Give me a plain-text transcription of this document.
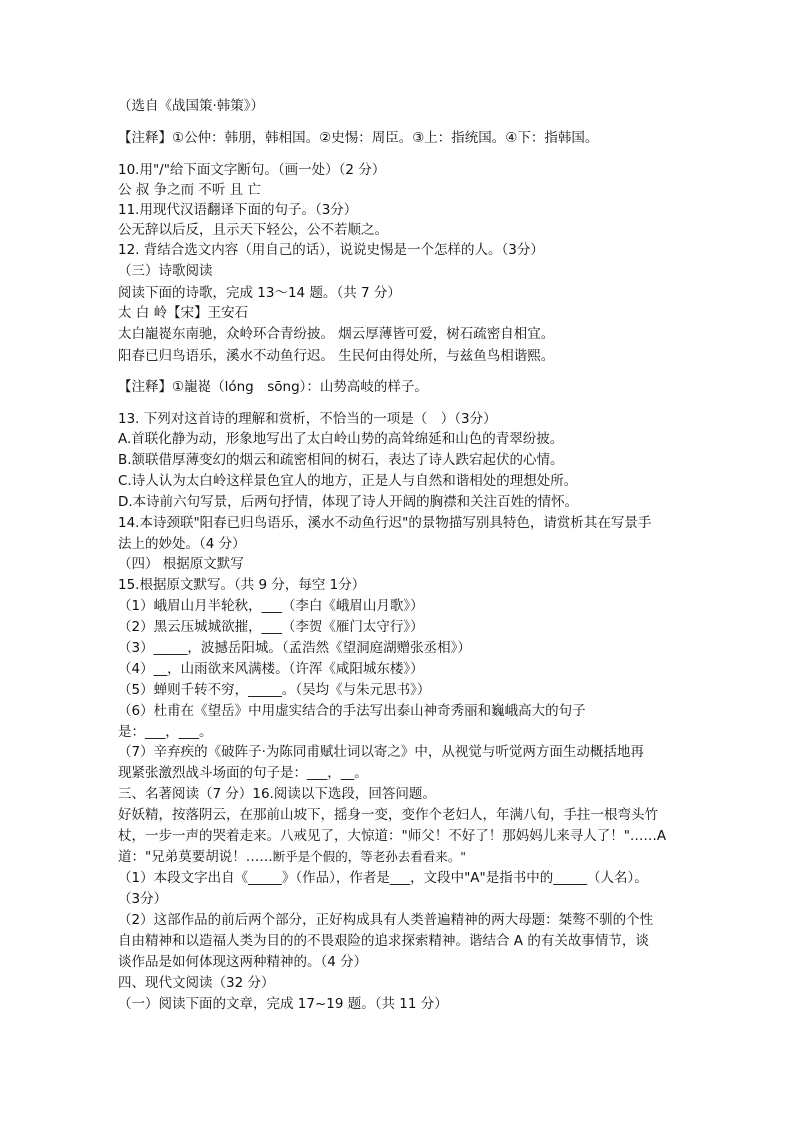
（选自《战国策·韩策》）
【注释】①公仲：韩朋，韩相国。②史惕：周臣。③上：指统国。④下：指韩国。
10.用"/"给下面文字断句。（画一处）（2 分）
公 叔 争之而 不听 且 亡
11.用现代汉语翻译下面的句子。（3分）
公无辞以后反，且示天下轻公，公不若顺之。
12. 背结合选文内容（用自己的话），说说史惕是一个怎样的人。（3分）
（三）诗歌阅读
阅读下面的诗歌，完成 13～14 题。（共 7 分）
太 白 岭【宋】王安石
太白巃嵸东南驰，众岭环合青纷披。 烟云厚薄皆可爱，树石疏密自相宜。
阳春已归鸟语乐，溪水不动鱼行迟。 生民何由得处所，与兹鱼鸟相谐熙。
【注释】①巃嵸（lóng　sōng）：山势高岐的样子。
13. 下列对这首诗的理解和赏析，不恰当的一项是（　）（3分）
A.首联化静为动，形象地写出了太白岭山势的高耸绵延和山色的青翠纷披。
B.颔联借厚薄变幻的烟云和疏密相间的树石，表达了诗人跌宕起伏的心情。
C.诗人认为太白岭这样景色宜人的地方，正是人与自然和谐相处的理想处所。
D.本诗前六句写景，后两句抒情，体现了诗人开阔的胸襟和关注百姓的情怀。
14.本诗颈联"阳春已归鸟语乐，溪水不动鱼行迟"的景物描写别具特色，请赏析其在写景手
法上的妙处。（4 分）
（四） 根据原文默写
15.根据原文默写。（共 9 分，每空 1分）
（1）峨眉山月半轮秋，___（李白《峨眉山月歌》）
（2）黑云压城城欲摧，___（李贺《雁门太守行》）
（3）_____，波撼岳阳城。（孟浩然《望洞庭湖赠张丞相》）
（4）__，山雨欲来风满楼。（许浑《咸阳城东楼》）
（5）蝉则千转不穷，_____。（吴均《与朱元思书》）
（6）杜甫在《望岳》中用虚实结合的手法写出泰山神奇秀丽和巍峨高大的句子
是：___，___。
（7）辛弃疾的《破阵子·为陈同甫赋壮词以寄之》中，从视觉与听觉两方面生动概括地再
现紧张激烈战斗场面的句子是：___，__。
三、名著阅读（7 分）16.阅读以下选段，回答问题。
好妖精，按落阴云，在那前山坡下，摇身一变，变作个老妇人，年满八旬，手拄一根弯头竹
杖，一步一声的哭着走来。八戒见了，大惊道："师父！不好了！那妈妈儿来寻人了！"……A
道："兄弟莫要胡说！……断乎是个假的，等老孙去看看来。"
（1）本段文字出自《_____》（作品），作者是___，文段中"A"是指书中的_____（人名）。
（3分）
（2）这部作品的前后两个部分，正好构成具有人类普遍精神的两大母题：桀骜不驯的个性
自由精神和以造福人类为目的的不畏艰险的追求探索精神。谐结合 A 的有关故事情节，谈
谈作品是如何体现这两种精神的。（4 分）
四、现代文阅读（32 分）
（一）阅读下面的文章，完成 17~19 题。（共 11 分）
